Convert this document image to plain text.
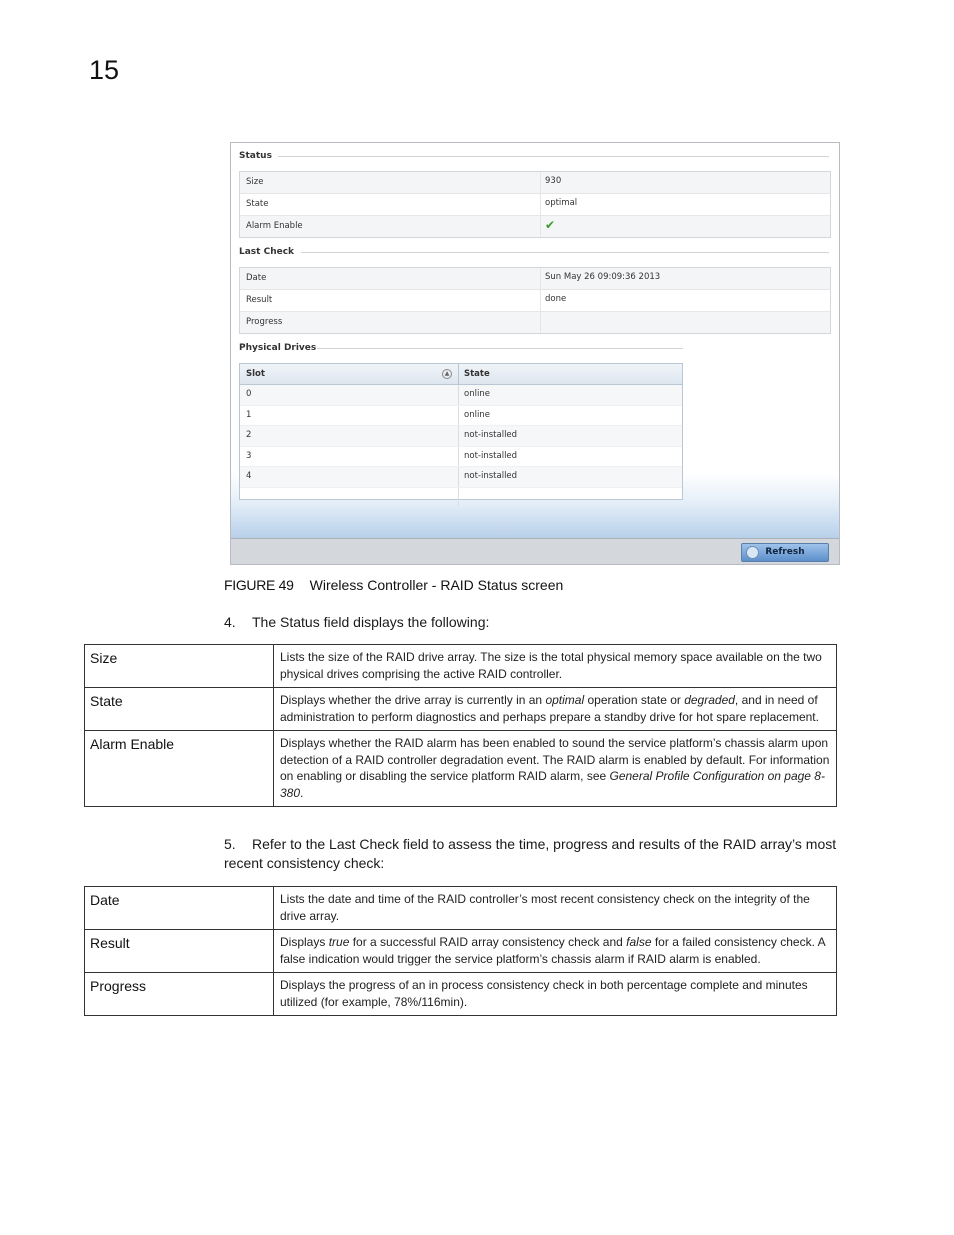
15
Status
Size	930
State	optimal
Alarm Enable	✔
Last Check
Date	Sun May 26 09:09:36 2013
Result	done
Progress
Physical Drives
Slot	▲	State
0	online
1	online
2	not-installed
3	not-installed
4	not-installed
Refresh
FIGURE 49 Wireless Controller - RAID Status screen
4. The Status field displays the following:
Size	Lists the size of the RAID drive array. The size is the total physical memory space available on the two physical drives comprising the active RAID controller.
State	Displays whether the drive array is currently in an optimal operation state or degraded, and in need of administration to perform diagnostics and perhaps prepare a standby drive for hot spare replacement.
Alarm Enable	Displays whether the RAID alarm has been enabled to sound the service platform’s chassis alarm upon detection of a RAID controller degradation event. The RAID alarm is enabled by default. For information on enabling or disabling the service platform RAID alarm, see General Profile Configuration on page 8-380.
5. Refer to the Last Check field to assess the time, progress and results of the RAID array’s most recent consistency check:
Date	Lists the date and time of the RAID controller’s most recent consistency check on the integrity of the drive array.
Result	Displays true for a successful RAID array consistency check and false for a failed consistency check. A false indication would trigger the service platform’s chassis alarm if RAID alarm is enabled.
Progress	Displays the progress of an in process consistency check in both percentage complete and minutes utilized (for example, 78%/116min).
